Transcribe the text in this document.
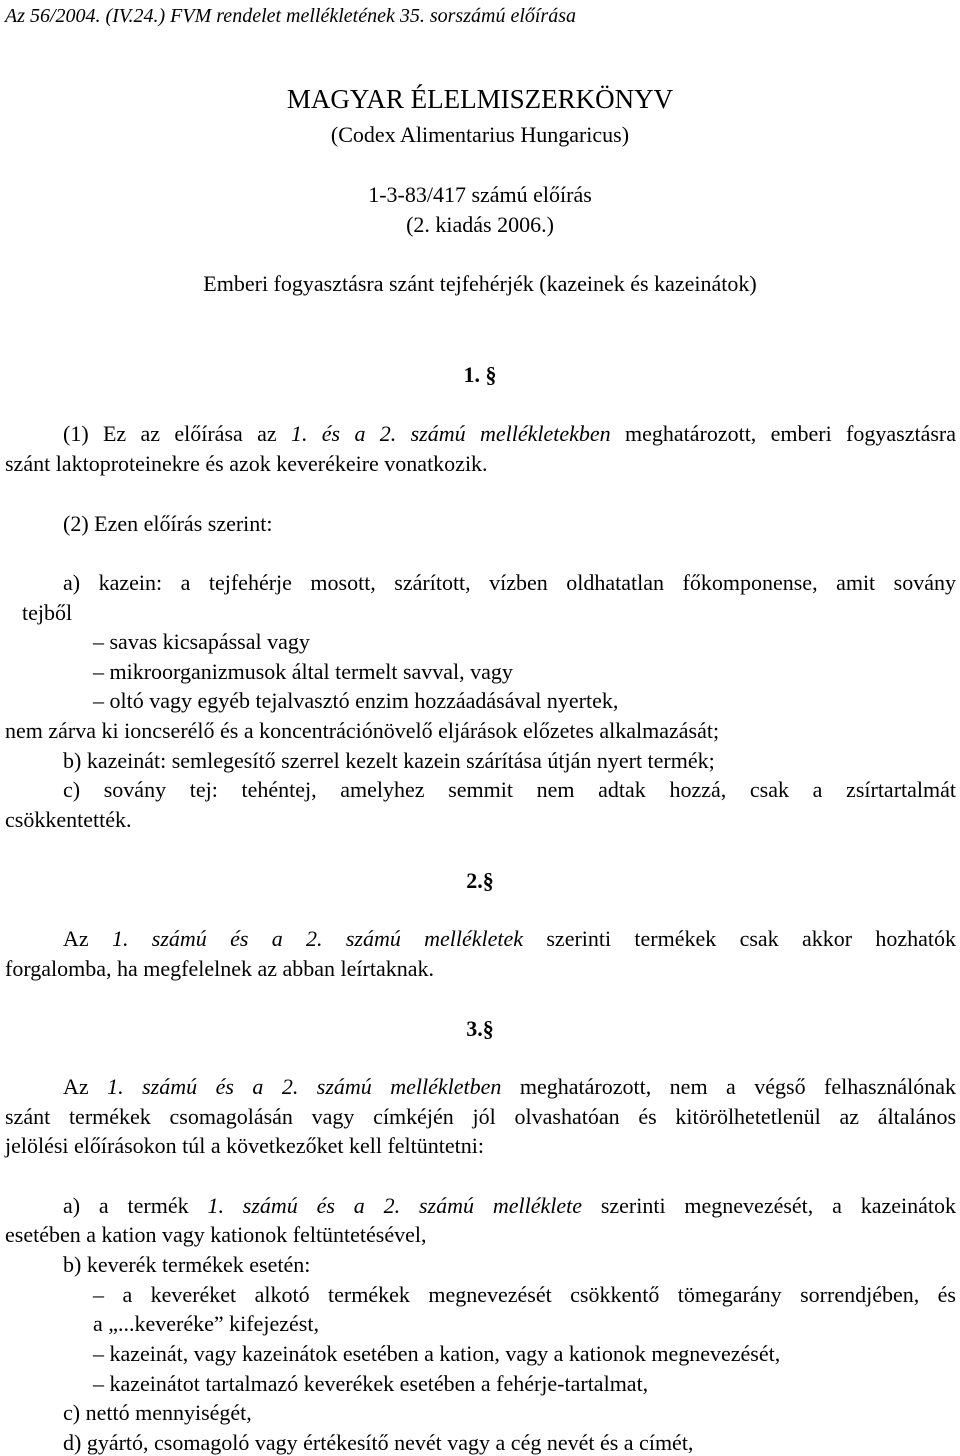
Az 56/2004. (IV.24.) FVM rendelet mellékletének 35. sorszámú előírása
MAGYAR ÉLELMISZERKÖNYV
(Codex Alimentarius Hungaricus)
1-3-83/417 számú előírás
(2. kiadás 2006.)
Emberi fogyasztásra szánt tejfehérjék (kazeinek és kazeinátok)
1. §
(1) Ez az előírása az 1. és a 2. számú mellékletekben meghatározott, emberi fogyasztásra
szánt laktoproteinekre és azok keverékeire vonatkozik.
(2) Ezen előírás szerint:
a) kazein: a tejfehérje mosott, szárított, vízben oldhatatlan főkomponense, amit sovány
tejből
– savas kicsapással vagy
– mikroorganizmusok által termelt savval, vagy
– oltó vagy egyéb tejalvasztó enzim hozzáadásával nyertek,
nem zárva ki ioncserélő és a koncentrációnövelő eljárások előzetes alkalmazását;
b) kazeinát: semlegesítő szerrel kezelt kazein szárítása útján nyert termék;
c) sovány tej: tehéntej, amelyhez semmit nem adtak hozzá, csak a zsírtartalmát
csökkentették.
2.§
Az 1. számú és a 2. számú mellékletek szerinti termékek csak akkor hozhatók
forgalomba, ha megfelelnek az abban leírtaknak.
3.§
Az 1. számú és a 2. számú mellékletben meghatározott, nem a végső felhasználónak
szánt termékek csomagolásán vagy címkéjén jól olvashatóan és kitörölhetetlenül az általános
jelölési előírásokon túl a következőket kell feltüntetni:
a) a termék 1. számú és a 2. számú melléklete szerinti megnevezését, a kazeinátok
esetében a kation vagy kationok feltüntetésével,
b) keverék termékek esetén:
– a keveréket alkotó termékek megnevezését csökkentő tömegarány sorrendjében, és
a „...keveréke” kifejezést,
– kazeinát, vagy kazeinátok esetében a kation, vagy a kationok megnevezését,
– kazeinátot tartalmazó keverékek esetében a fehérje-tartalmat,
c) nettó mennyiségét,
d) gyártó, csomagoló vagy értékesítő nevét vagy a cég nevét és a címét,
